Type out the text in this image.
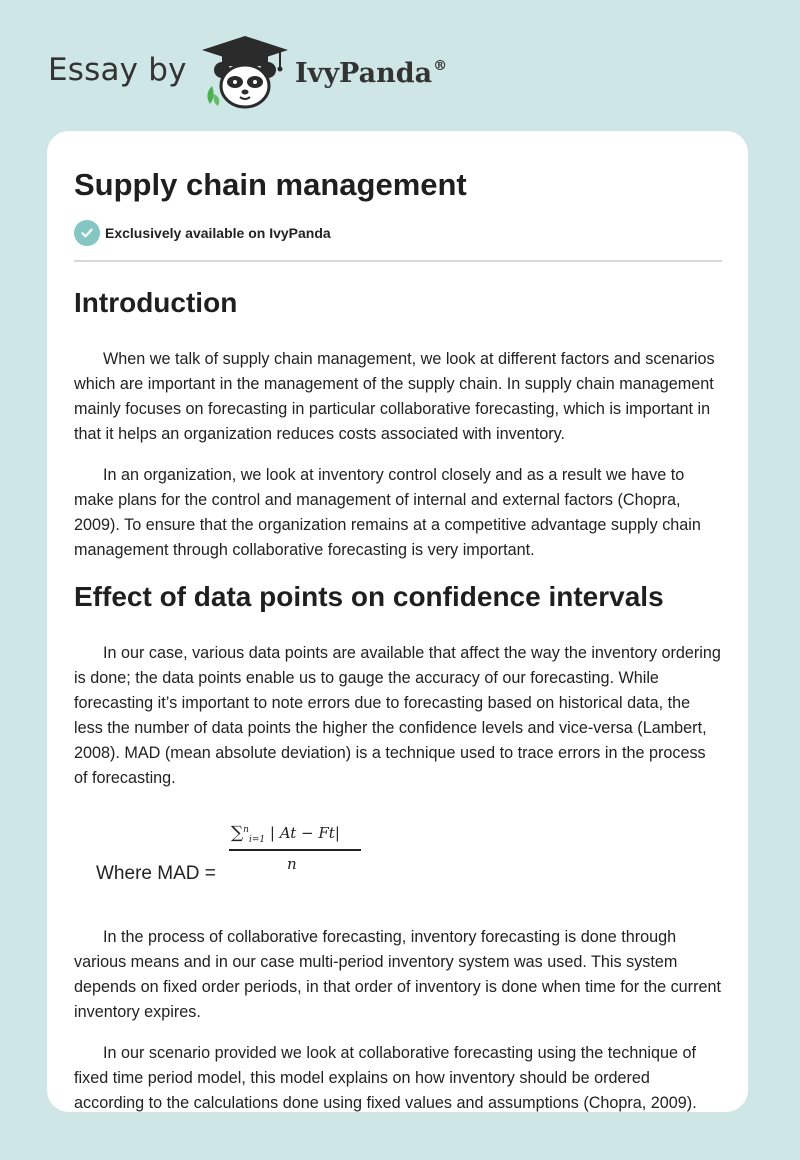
Essay by	IvyPanda®
Supply chain management
Exclusively available on IvyPanda
Introduction

When we talk of supply chain management, we look at different factors and scenarios which are important in the management of the supply chain. In supply chain management mainly focuses on forecasting in particular collaborative forecasting, which is important in that it helps an organization reduces costs associated with inventory.

In an organization, we look at inventory control closely and as a result we have to make plans for the control and management of internal and external factors (Chopra, 2009). To ensure that the organization remains at a competitive advantage supply chain management through collaborative forecasting is very important.

Effect of data points on confidence intervals

In our case, various data points are available that affect the way the inventory ordering is done; the data points enable us to gauge the accuracy of our forecasting. While forecasting it’s important to note errors due to forecasting based on historical data, the less the number of data points the higher the confidence levels and vice-versa (Lambert, 2008). MAD (mean absolute deviation) is a technique used to trace errors in the process of forecasting.

Where MAD =
∑$^n_{i=1}$ | At − Ft|
n

In the process of collaborative forecasting, inventory forecasting is done through various means and in our case multi-period inventory system was used. This system depends on fixed order periods, in that order of inventory is done when time for the current inventory expires.

In our scenario provided we look at collaborative forecasting using the technique of fixed time period model, this model explains on how inventory should be ordered according to the calculations done using fixed values and assumptions (Chopra, 2009).
